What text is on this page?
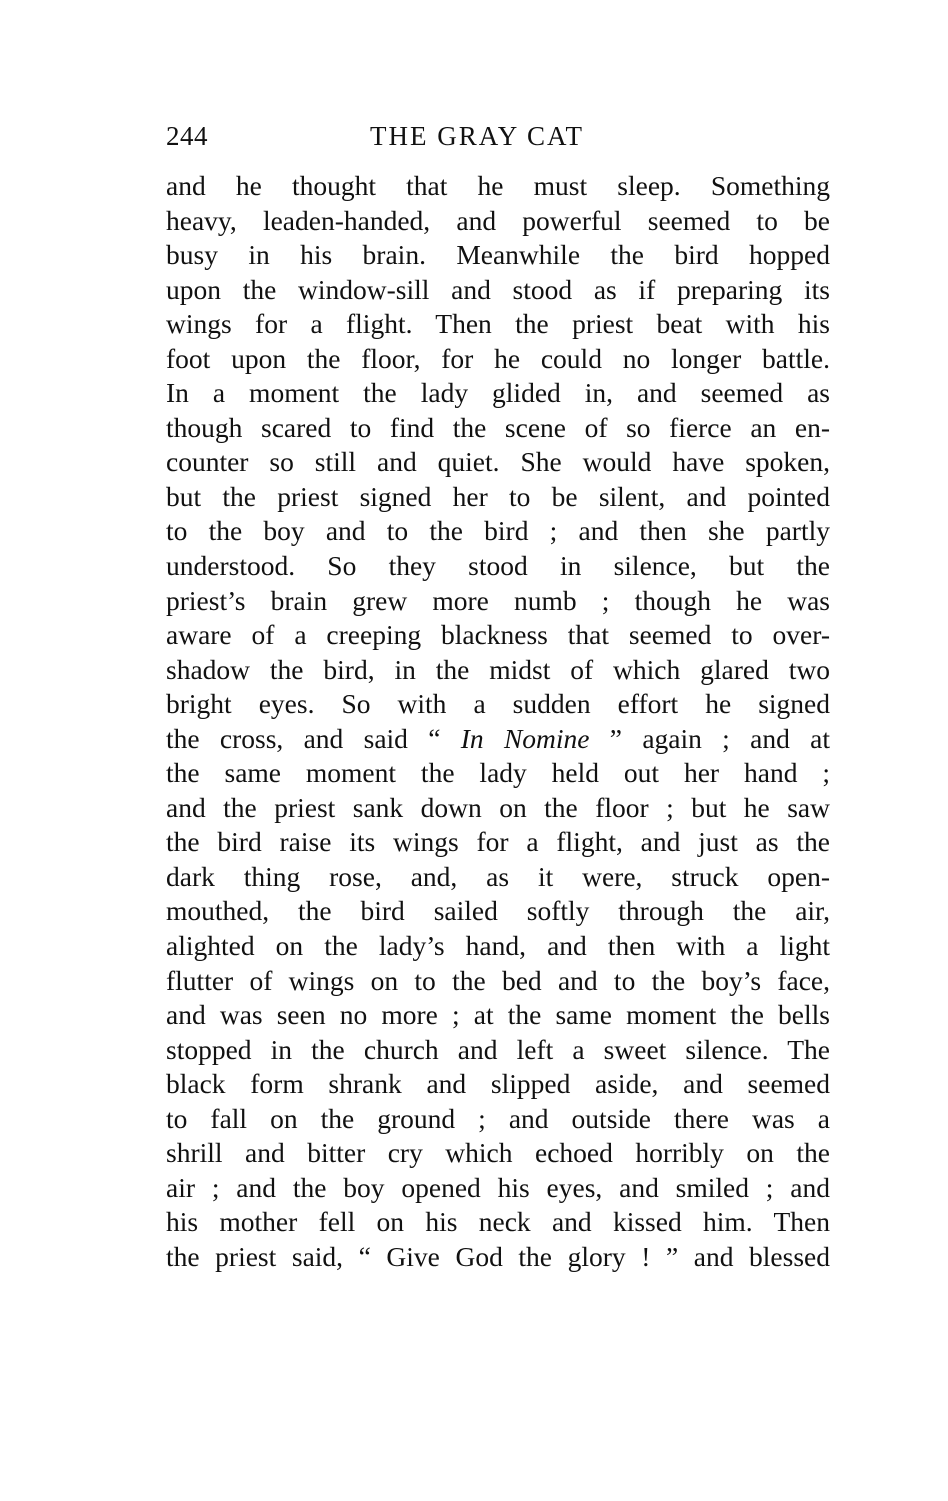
244	THE GRAY CAT
and he thought that he must sleep. Something
heavy, leaden-handed, and powerful seemed to be
busy in his brain. Meanwhile the bird hopped
upon the window-sill and stood as if preparing its
wings for a flight. Then the priest beat with his
foot upon the floor, for he could no longer battle.
In a moment the lady glided in, and seemed as
though scared to find the scene of so fierce an en-
counter so still and quiet. She would have spoken,
but the priest signed her to be silent, and pointed
to the boy and to the bird ; and then she partly
understood. So they stood in silence, but the
priest’s brain grew more numb ; though he was
aware of a creeping blackness that seemed to over-
shadow the bird, in the midst of which glared two
bright eyes. So with a sudden effort he signed
the cross, and said “ In Nomine ” again ; and at
the same moment the lady held out her hand ;
and the priest sank down on the floor ; but he saw
the bird raise its wings for a flight, and just as the
dark thing rose, and, as it were, struck open-
mouthed, the bird sailed softly through the air,
alighted on the lady’s hand, and then with a light
flutter of wings on to the bed and to the boy’s face,
and was seen no more ; at the same moment the bells
stopped in the church and left a sweet silence. The
black form shrank and slipped aside, and seemed
to fall on the ground ; and outside there was a
shrill and bitter cry which echoed horribly on the
air ; and the boy opened his eyes, and smiled ; and
his mother fell on his neck and kissed him. Then
the priest said, “ Give God the glory ! ” and blessed
